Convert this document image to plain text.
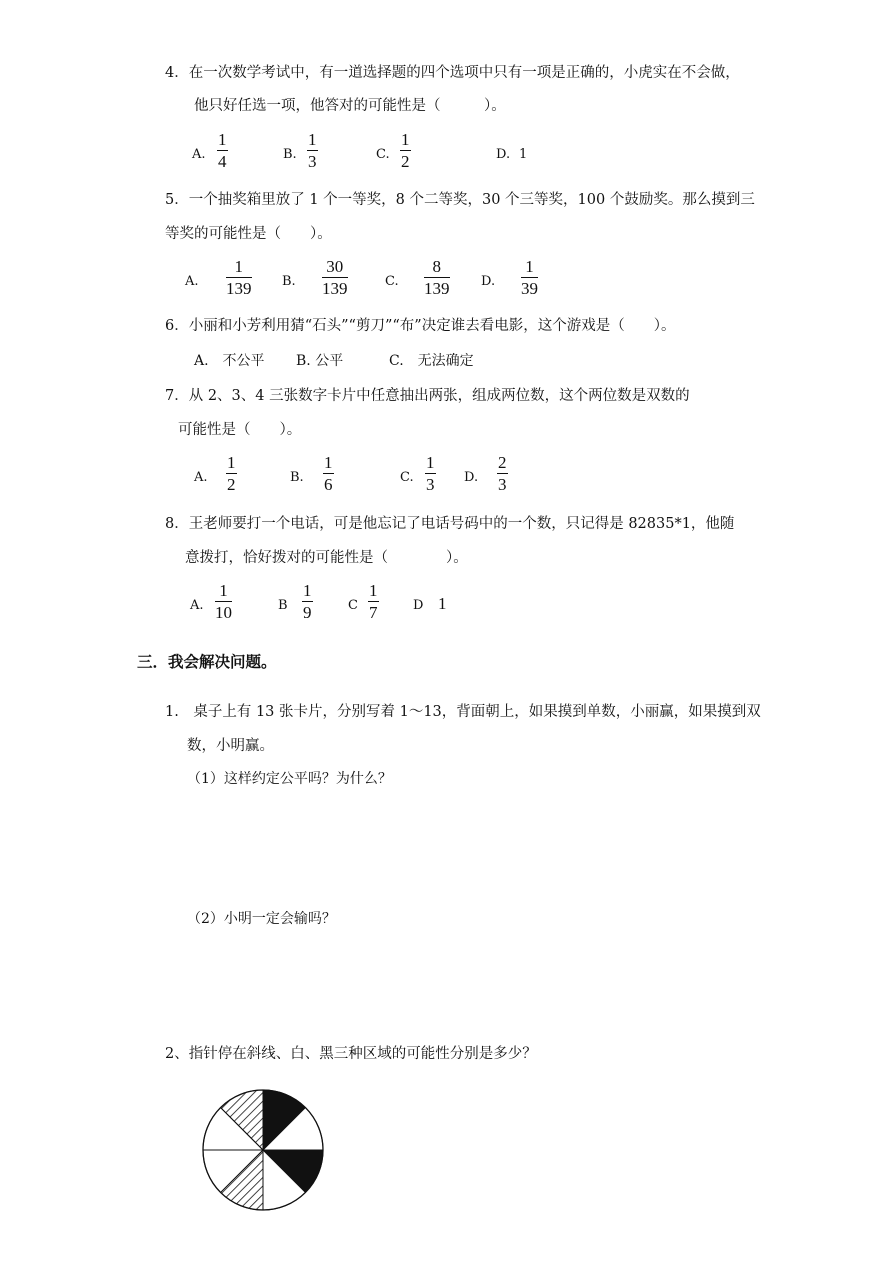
4．在一次数学考试中，有一道选择题的四个选项中只有一项是正确的，小虎实在不会做，
他只好任选一项，他答对的可能性是（　　　）。
A.
1
4	B.
1
3	C.
1
2	D. 1
5．一个抽奖箱里放了 1 个一等奖，8 个二等奖，30 个三等奖，100 个鼓励奖。那么摸到三
等奖的可能性是（　　）。
A.
1
139 B.
30
139	C.
8
139 D.
1
39
6．小丽和小芳利用猜“石头”“剪刀”“布”决定谁去看电影，这个游戏是（　　）。
A.　不公平 B. 公平	C.　无法确定
7．从 2、3、4 三张数字卡片中任意抽出两张，组成两位数，这个两位数是双数的
可能性是（　　）。
A.
1
2	B.
1
6	C.
1
3 D.
2
3
8．王老师要打一个电话，可是他忘记了电话号码中的一个数，只记得是 82835*1，他随
意拨打，恰好拨对的可能性是（　　　　）。
A.
1
10	B
1
9	C
1
7	D 1
三．我会解决问题。
1.　桌子上有 13 张卡片，分别写着 1～13，背面朝上，如果摸到单数，小丽赢，如果摸到双
数，小明赢。
（1）这样约定公平吗？为什么？
（2）小明一定会输吗？
2、指针停在斜线、白、黑三种区域的可能性分别是多少？
